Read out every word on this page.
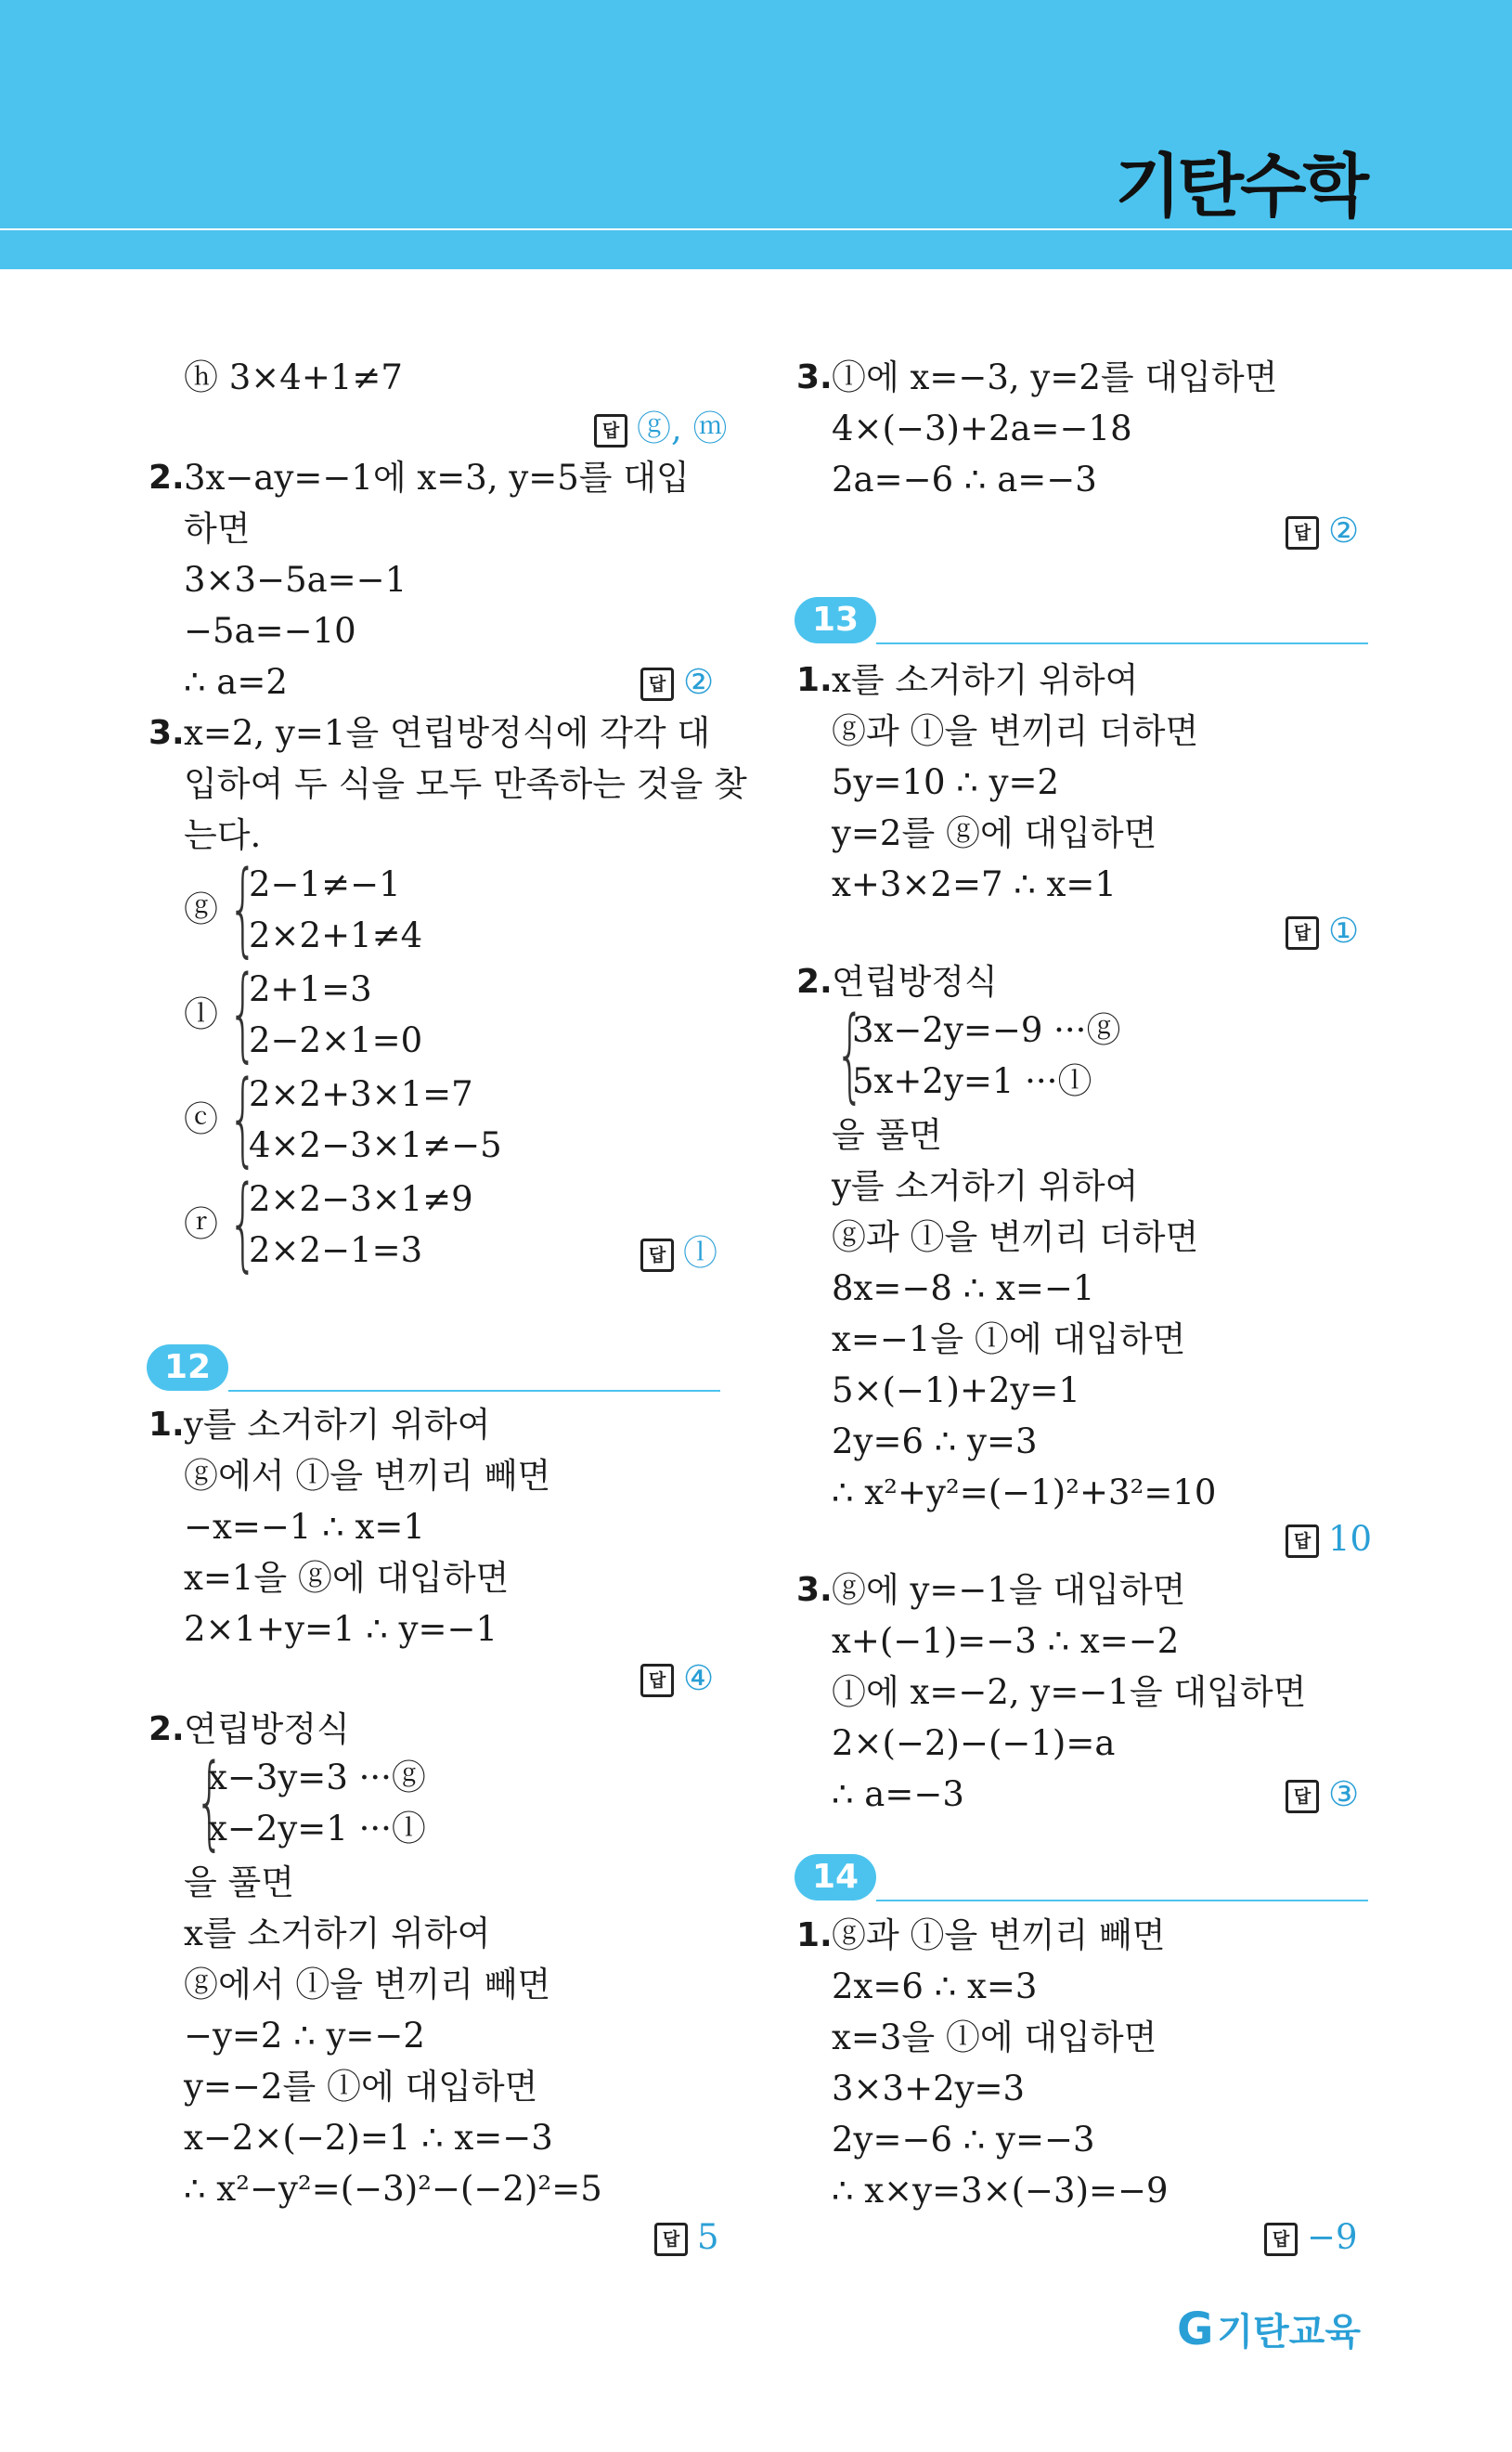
기탄수학
ⓗ 3×4+1≠7
답 ⓖ, ⓜ
2. 3x−ay=−1에 x=3, y=5를 대입
하면
3×3−5a=−1
−5a=−10
∴ a=2	답 ②
3. x=2, y=1을 연립방정식에 각각 대
입하여 두 식을 모두 만족하는 것을 찾
는다.
ⓖ {
2−1≠−1
2×2+1≠4
ⓛ {
2+1=3
2−2×1=0
ⓒ {
2×2+3×1=7
4×2−3×1≠−5
ⓡ {
2×2−3×1≠9
2×2−1=3	답 ⓛ
12
1. y를 소거하기 위하여
ⓖ에서 ⓛ을 변끼리 빼면
−x=−1 ∴ x=1
x=1을 ⓖ에 대입하면
2×1+y=1 ∴ y=−1
답 ④
2. 연립방정식
{
x−3y=3 ···ⓖ
x−2y=1 ···ⓛ
을 풀면
x를 소거하기 위하여
ⓖ에서 ⓛ을 변끼리 빼면
−y=2 ∴ y=−2
y=−2를 ⓛ에 대입하면
x−2×(−2)=1 ∴ x=−3
∴ x²−y²=(−3)²−(−2)²=5
답 5
3. ⓛ에 x=−3, y=2를 대입하면
4×(−3)+2a=−18
2a=−6 ∴ a=−3
답 ②
13
1. x를 소거하기 위하여
ⓖ과 ⓛ을 변끼리 더하면
5y=10 ∴ y=2
y=2를 ⓖ에 대입하면
x+3×2=7 ∴ x=1
답 ①
2. 연립방정식
{
3x−2y=−9 ···ⓖ
5x+2y=1 ···ⓛ
을 풀면
y를 소거하기 위하여
ⓖ과 ⓛ을 변끼리 더하면
8x=−8 ∴ x=−1
x=−1을 ⓛ에 대입하면
5×(−1)+2y=1
2y=6 ∴ y=3
∴ x²+y²=(−1)²+3²=10
답 10
3. ⓖ에 y=−1을 대입하면
x+(−1)=−3 ∴ x=−2
ⓛ에 x=−2, y=−1을 대입하면
2×(−2)−(−1)=a
∴ a=−3	답 ③
14
1. ⓖ과 ⓛ을 변끼리 빼면
2x=6 ∴ x=3
x=3을 ⓛ에 대입하면
3×3+2y=3
2y=−6 ∴ y=−3
∴ x×y=3×(−3)=−9
답 −9
G 기탄교육
